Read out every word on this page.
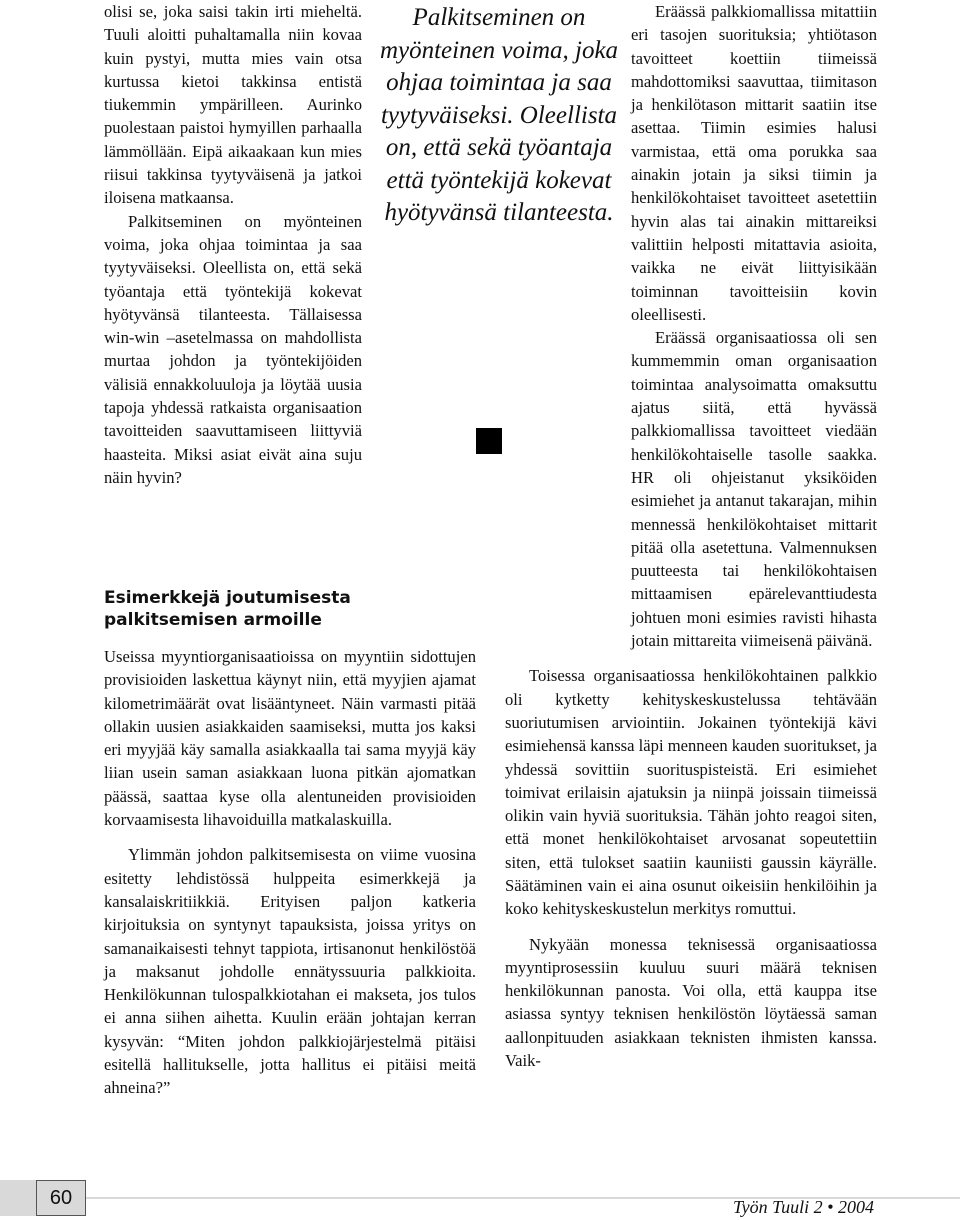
olisi se, joka saisi takin irti mieheltä. Tuuli aloitti puhaltamalla niin kovaa kuin pystyi, mutta mies vain otsa kurtussa kietoi takkinsa entistä tiukemmin ympärilleen. Aurinko puolestaan paistoi hymyillen parhaalla lämmöllään. Eipä aikaakaan kun mies riisui takkinsa tyytyväisenä ja jatkoi iloisena matkaansa.

Palkitseminen on myönteinen voima, joka ohjaa toimintaa ja saa tyytyväiseksi. Oleellista on, että sekä työantaja että työntekijä kokevat hyötyvänsä tilanteesta. Tällaisessa win-win –asetelmassa on mahdollista murtaa johdon ja työntekijöiden välisiä ennakkoluuloja ja löytää uusia tapoja yhdessä ratkaista organisaation tavoitteiden saavuttamiseen liittyviä haasteita. Miksi asiat eivät aina suju näin hyvin?

Palkitseminen on myönteinen voima, joka ohjaa toimintaa ja saa tyytyväiseksi. Oleellista on, että sekä työantaja että työntekijä kokevat hyötyvänsä tilanteesta.
Esimerkkejä joutumisesta palkitsemisen armoille

Useissa myyntiorganisaatioissa on myyntiin sidottujen provisioiden laskettua käynyt niin, että myyjien ajamat kilometrimäärät ovat lisääntyneet. Näin varmasti pitää ollakin uusien asiakkaiden saamiseksi, mutta jos kaksi eri myyjää käy samalla asiakkaalla tai sama myyjä käy liian usein saman asiakkaan luona pitkän ajomatkan päässä, saattaa kyse olla alentuneiden provisioiden korvaamisesta lihavoiduilla matkalaskuilla.

Ylimmän johdon palkitsemisesta on viime vuosina esitetty lehdistössä hulppeita esimerkkejä ja kansalaiskritiikkiä. Erityisen paljon katkeria kirjoituksia on syntynyt tapauksista, joissa yritys on samanaikaisesti tehnyt tappiota, irtisanonut henkilöstöä ja maksanut johdolle ennätyssuuria palkkioita. Henkilökunnan tulospalkkiotahan ei makseta, jos tulos ei anna siihen aihetta. Kuulin erään johtajan kerran kysyvän: “Miten johdon palkkiojärjestelmä pitäisi esitellä hallitukselle, jotta hallitus ei pitäisi meitä ahneina?”

Eräässä palkkiomallissa mitattiin eri tasojen suorituksia; yhtiötason tavoitteet koettiin tiimeissä mahdottomiksi saavuttaa, tiimitason ja henkilötason mittarit saatiin itse asettaa. Tiimin esimies halusi varmistaa, että oma porukka saa ainakin jotain ja siksi tiimin ja henkilökohtaiset tavoitteet asetettiin hyvin alas tai ainakin mittareiksi valittiin helposti mitattavia asioita, vaikka ne eivät liittyisikään toiminnan tavoitteisiin kovin oleellisesti.

Eräässä organisaatiossa oli sen kummemmin oman organisaation toimintaa analysoimatta omaksuttu ajatus siitä, että hyvässä palkkiomallissa tavoitteet viedään henkilökohtaiselle tasolle saakka. HR oli ohjeistanut yksiköiden esimiehet ja antanut takarajan, mihin mennessä henkilökohtaiset mittarit pitää olla asetettuna. Valmennuksen puutteesta tai henkilökohtaisen mittaamisen epärelevanttiudesta johtuen moni esimies ravisti hihasta jotain mittareita viimeisenä päivänä.

Toisessa organisaatiossa henkilökohtainen palkkio oli kytketty kehityskeskustelussa tehtävään suoriutumisen arviointiin. Jokainen työntekijä kävi esimiehensä kanssa läpi menneen kauden suoritukset, ja yhdessä sovittiin suorituspisteistä. Eri esimiehet toimivat erilaisin ajatuksin ja niinpä joissain tiimeissä olikin vain hyviä suorituksia. Tähän johto reagoi siten, että monet henkilökohtaiset arvosanat sopeutettiin siten, että tulokset saatiin kauniisti gaussin käyrälle. Säätäminen vain ei aina osunut oikeisiin henkilöihin ja koko kehityskeskustelun merkitys romuttui.

Nykyään monessa teknisessä organisaatiossa myyntiprosessiin kuuluu suuri määrä teknisen henkilökunnan panosta. Voi olla, että kauppa itse asiassa syntyy teknisen henkilöstön löytäessä saman aallonpituuden asiakkaan teknisten ihmisten kanssa. Vaik-

60	Työn Tuuli 2 • 2004
